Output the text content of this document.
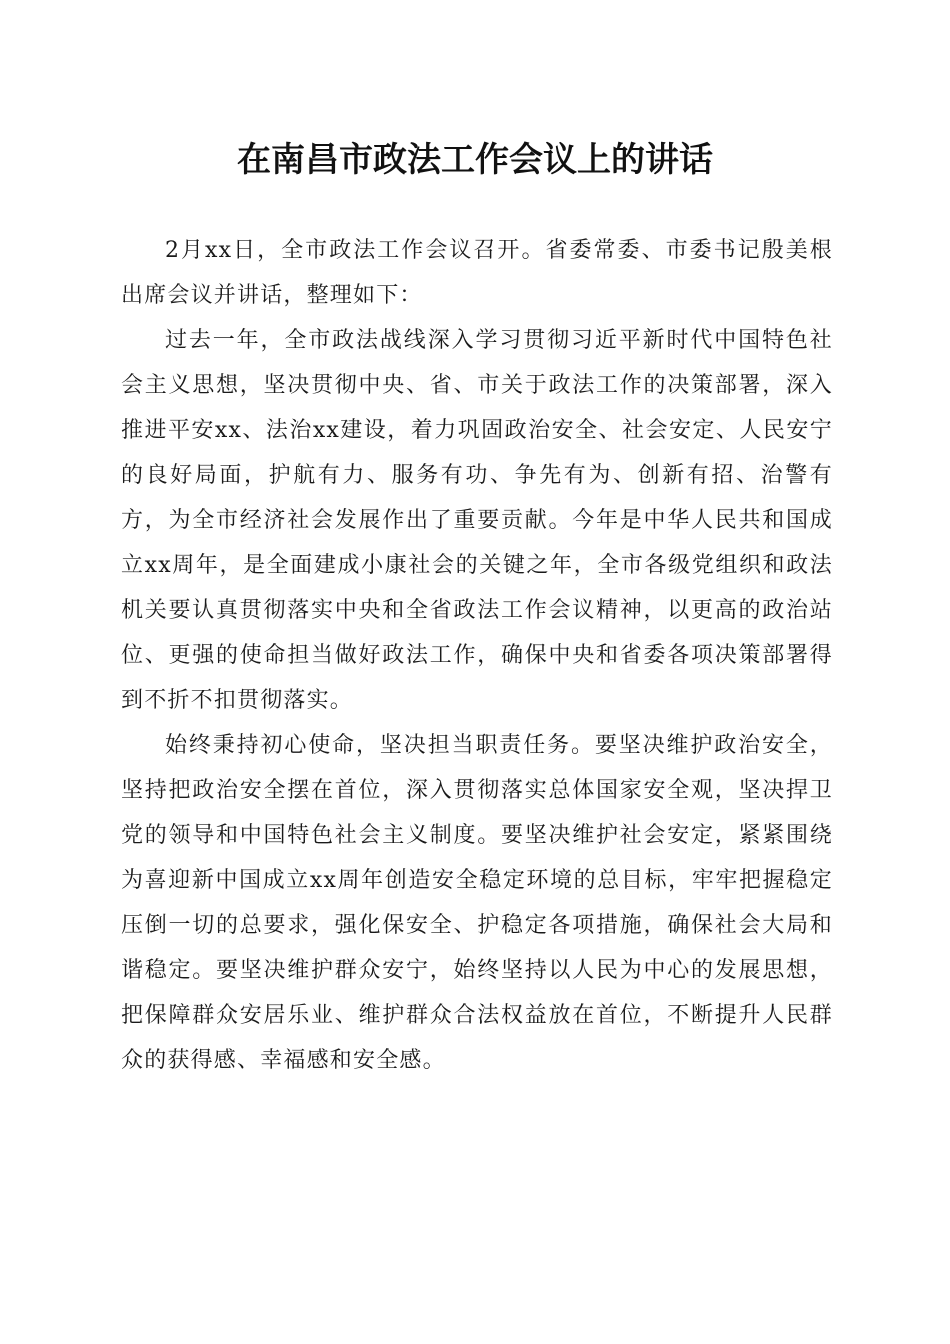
在南昌市政法工作会议上的讲话

2月xx日，全市政法工作会议召开。省委常委、市委书记殷美根出席会议并讲话，整理如下：

过去一年，全市政法战线深入学习贯彻习近平新时代中国特色社会主义思想，坚决贯彻中央、省、市关于政法工作的决策部署，深入推进平安xx、法治xx建设，着力巩固政治安全、社会安定、人民安宁的良好局面，护航有力、服务有功、争先有为、创新有招、治警有方，为全市经济社会发展作出了重要贡献。今年是中华人民共和国成立xx周年，是全面建成小康社会的关键之年，全市各级党组织和政法机关要认真贯彻落实中央和全省政法工作会议精神，以更高的政治站位、更强的使命担当做好政法工作，确保中央和省委各项决策部署得到不折不扣贯彻落实。

始终秉持初心使命，坚决担当职责任务。要坚决维护政治安全，坚持把政治安全摆在首位，深入贯彻落实总体国家安全观，坚决捍卫党的领导和中国特色社会主义制度。要坚决维护社会安定，紧紧围绕为喜迎新中国成立xx周年创造安全稳定环境的总目标，牢牢把握稳定压倒一切的总要求，强化保安全、护稳定各项措施，确保社会大局和谐稳定。要坚决维护群众安宁，始终坚持以人民为中心的发展思想，把保障群众安居乐业、维护群众合法权益放在首位，不断提升人民群众的获得感、幸福感和安全感。
